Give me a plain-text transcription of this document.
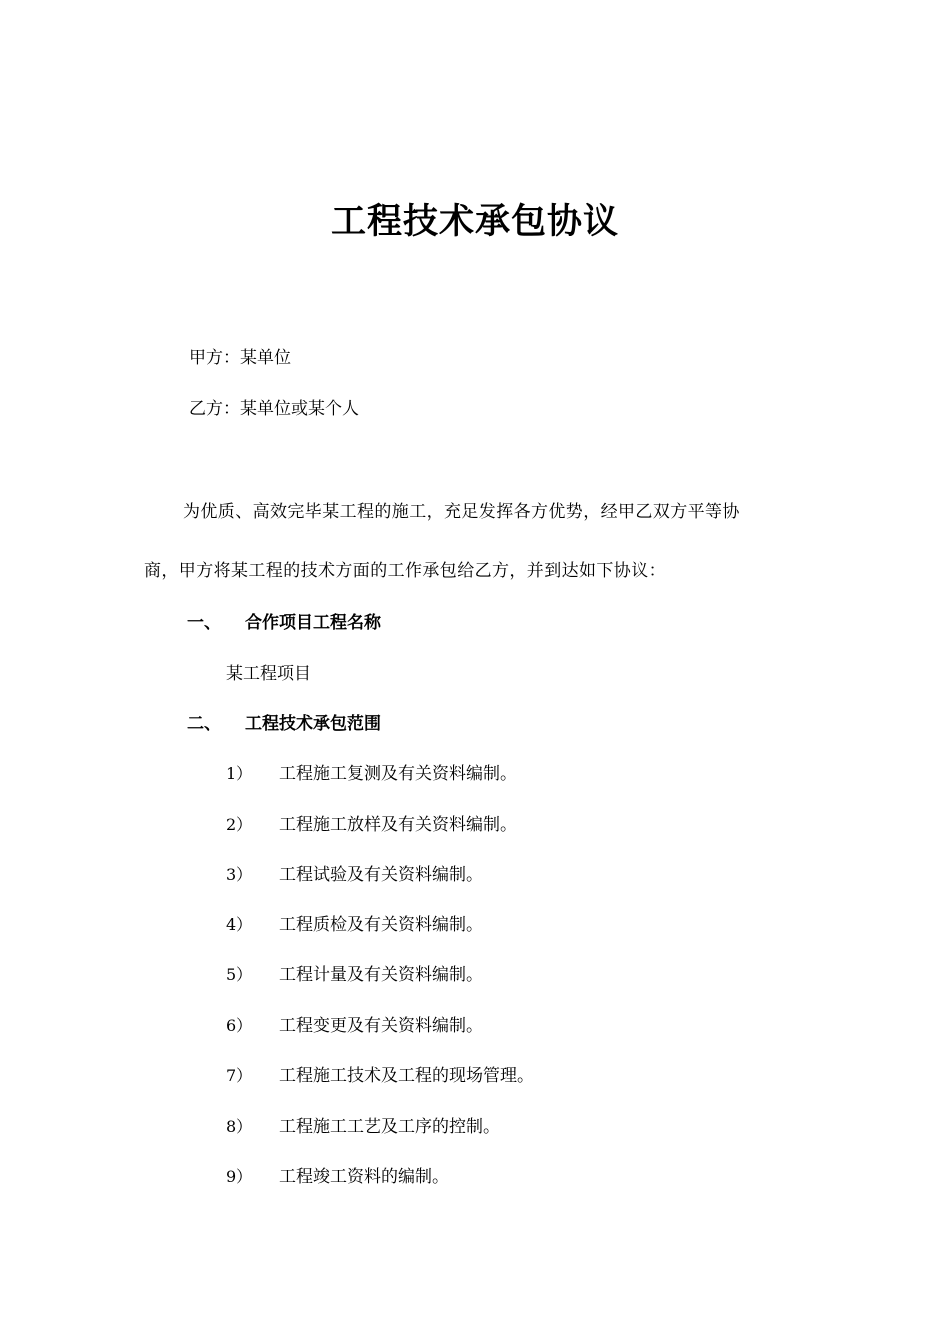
工程技术承包协议
甲方：某单位
乙方：某单位或某个人
为优质、高效完毕某工程的施工，充足发挥各方优势，经甲乙双方平等协
商，甲方将某工程的技术方面的工作承包给乙方，并到达如下协议：
一、 合作项目工程名称
某工程项目
二、 工程技术承包范围
1） 工程施工复测及有关资料编制。
2） 工程施工放样及有关资料编制。
3） 工程试验及有关资料编制。
4） 工程质检及有关资料编制。
5） 工程计量及有关资料编制。
6） 工程变更及有关资料编制。
7） 工程施工技术及工程的现场管理。
8） 工程施工工艺及工序的控制。
9） 工程竣工资料的编制。
